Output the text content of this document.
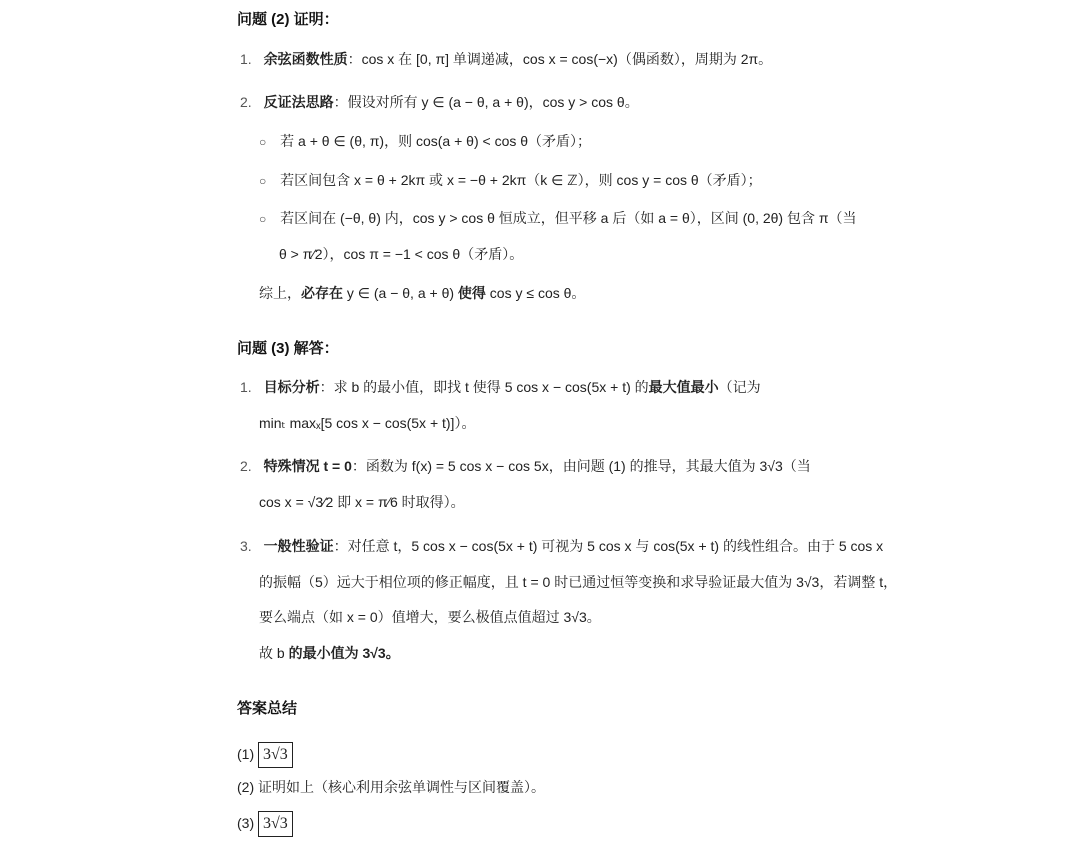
问题 (2) 证明：
1. 余弦函数性质：cos x 在 [0, π] 单调递减，cos x = cos(−x)（偶函数），周期为 2π。
2. 反证法思路：假设对所有 y ∈ (a − θ, a + θ)，cos y > cos θ。
○ 若 a + θ ∈ (θ, π)，则 cos(a + θ) < cos θ（矛盾）；
○ 若区间包含 x = θ + 2kπ 或 x = −θ + 2kπ（k ∈ ℤ），则 cos y = cos θ（矛盾）；
○ 若区间在 (−θ, θ) 内，cos y > cos θ 恒成立，但平移 a 后（如 a = θ），区间 (0, 2θ) 包含 π（当
θ > π⁄2），cos π = −1 < cos θ（矛盾）。
综上，必存在 y ∈ (a − θ, a + θ) 使得 cos y ≤ cos θ。
问题 (3) 解答：
1. 目标分析：求 b 的最小值，即找 t 使得 5 cos x − cos(5x + t) 的最大值最小（记为
minₜ maxₓ[5 cos x − cos(5x + t)]）。
2. 特殊情况 t = 0：函数为 f(x) = 5 cos x − cos 5x，由问题 (1) 的推导，其最大值为 3√3（当
cos x = √3⁄2 即 x = π⁄6 时取得）。
3. 一般性验证：对任意 t，5 cos x − cos(5x + t) 可视为 5 cos x 与 cos(5x + t) 的线性组合。由于 5 cos x
的振幅（5）远大于相位项的修正幅度，且 t = 0 时已通过恒等变换和求导验证最大值为 3√3，若调整 t，
要么端点（如 x = 0）值增大，要么极值点值超过 3√3。
故 b 的最小值为 3√3。
答案总结
(1) 3√3
(2) 证明如上（核心利用余弦单调性与区间覆盖）。
(3) 3√3
